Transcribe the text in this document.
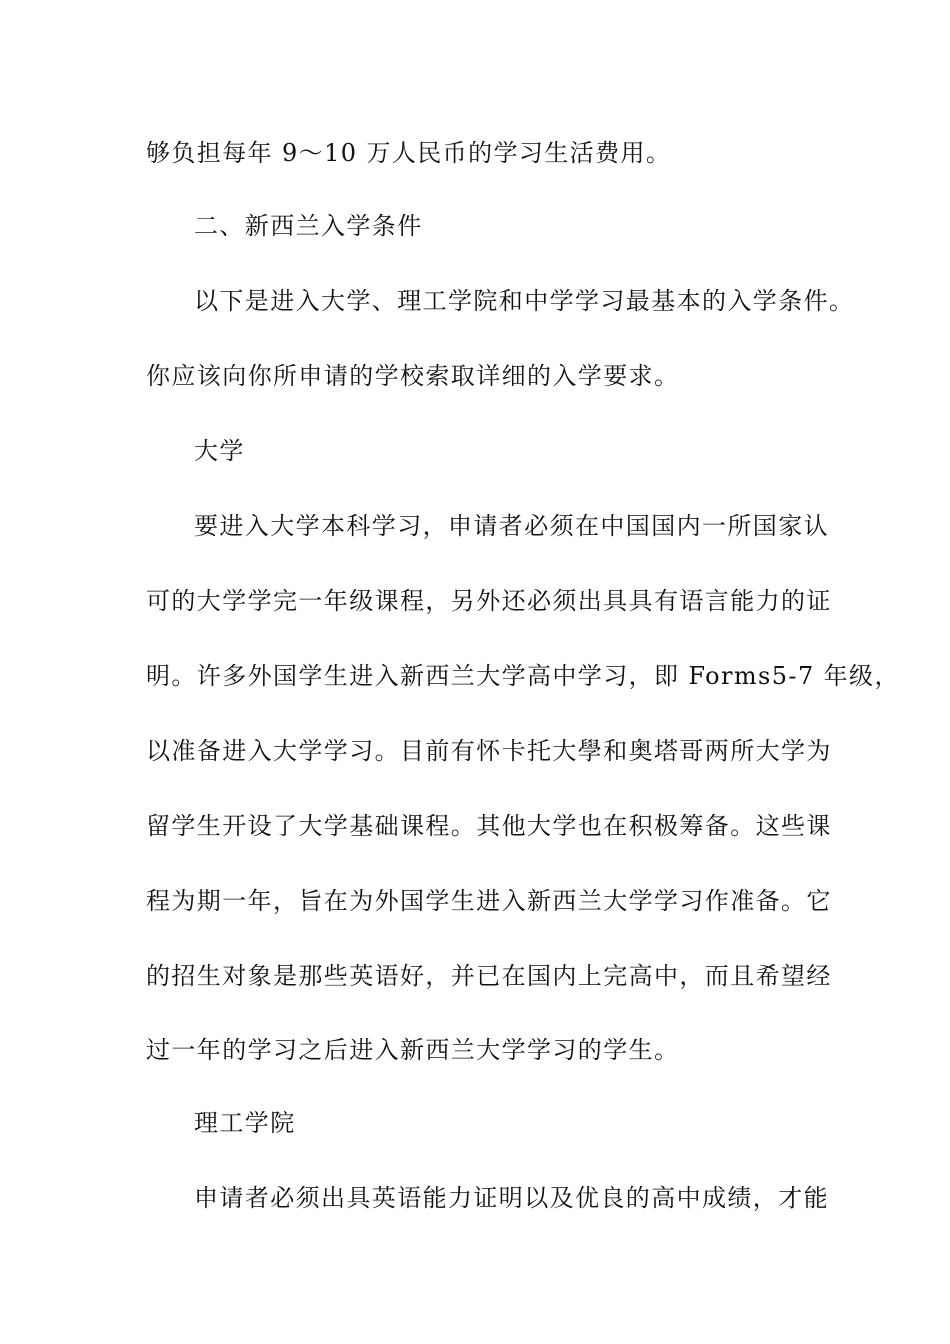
够负担每年 9～10 万人民币的学习生活费用。

二、新西兰入学条件

以下是进入大学、理工学院和中学学习最基本的入学条件。

你应该向你所申请的学校索取详细的入学要求。

大学

要进入大学本科学习，申请者必须在中国国内一所国家认

可的大学学完一年级课程，另外还必须出具具有语言能力的证

明。许多外国学生进入新西兰大学高中学习，即 Forms5-7 年级，

以准备进入大学学习。目前有怀卡托大學和奥塔哥两所大学为

留学生开设了大学基础课程。其他大学也在积极筹备。这些课

程为期一年，旨在为外国学生进入新西兰大学学习作准备。它

的招生对象是那些英语好，并已在国内上完高中，而且希望经

过一年的学习之后进入新西兰大学学习的学生。

理工学院

申请者必须出具英语能力证明以及优良的高中成绩，才能
